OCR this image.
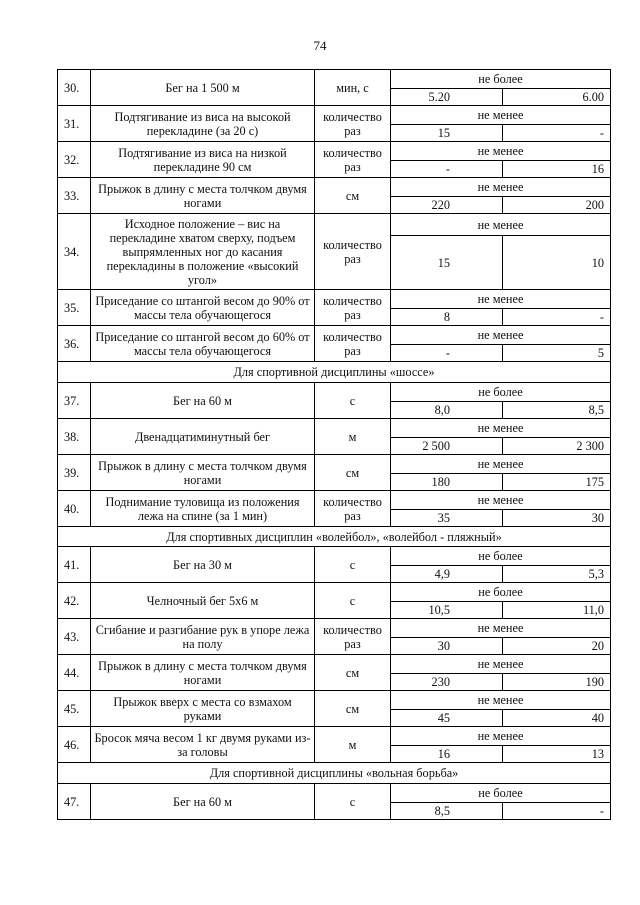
74
30.	Бег на 1 500 м	мин, с	не более	
			5.20	6.00
31.	Подтягивание из виса на высокой перекладине (за 20 с)	количество раз	не менее	
			15	-
32.	Подтягивание из виса на низкой перекладине 90 см	количество раз	не менее	
			-	16
33.	Прыжок в длину с места толчком двумя ногами	см	не менее	
			220	200
34.	Исходное положение – вис на перекладине хватом сверху, подъем выпрямленных ног до касания перекладины в положение «высокий угол»	количество раз	не менее	
			15	10
35.	Приседание со штангой весом до 90% от массы тела обучающегося	количество раз	не менее	
			8	-
36.	Приседание со штангой весом до 60% от массы тела обучающегося	количество раз	не менее	
			-	5
Для спортивной дисциплины «шоссе»				
37.	Бег на 60 м	с	не более	
			8,0	8,5
38.	Двенадцатиминутный бег	м	не менее	
			2 500	2 300
39.	Прыжок в длину с места толчком двумя ногами	см	не менее	
			180	175
40.	Поднимание туловища из положения лежа на спине (за 1 мин)	количество раз	не менее	
			35	30
Для спортивных дисциплин «волейбол», «волейбол - пляжный»				
41.	Бег на 30 м	с	не более	
			4,9	5,3
42.	Челночный бег 5х6 м	с	не более	
			10,5	11,0
43.	Сгибание и разгибание рук в упоре лежа на полу	количество раз	не менее	
			30	20
44.	Прыжок в длину с места толчком двумя ногами	см	не менее	
			230	190
45.	Прыжок вверх с места со взмахом руками	см	не менее	
			45	40
46.	Бросок мяча весом 1 кг двумя руками из-за головы	м	не менее	
			16	13
Для спортивной дисциплины «вольная борьба»				
47.	Бег на 60 м	с	не более	
			8,5	-
